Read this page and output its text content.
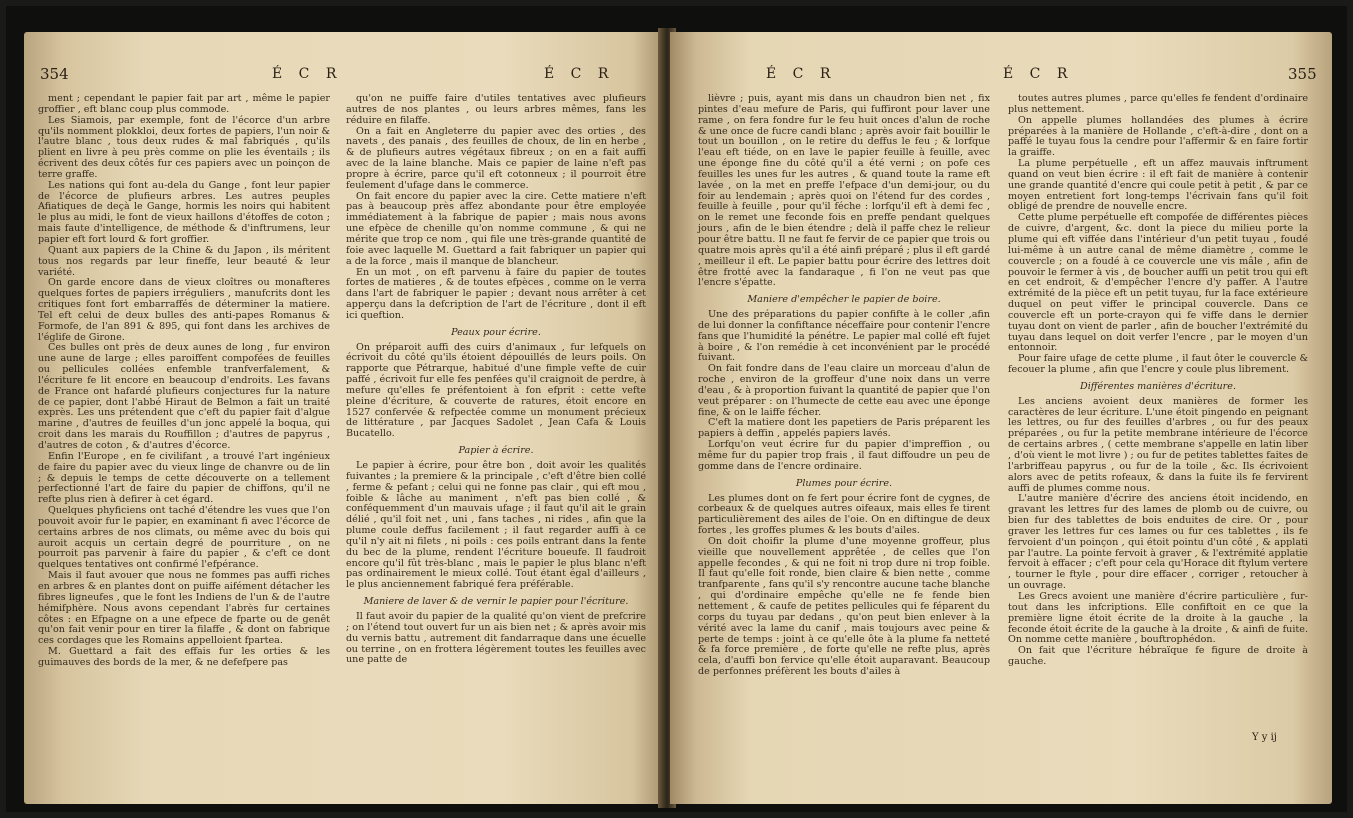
354	É C R	É C R

ment ; cependant le papier fait par art , même le papier groffier , eft blanc coup plus commode.

Les Siamois, par exemple, font de l'écorce d'un arbre qu'ils nomment plokkloi, deux fortes de papiers, l'un noir & l'autre blanc , tous deux rudes & mal fabriqués , qu'ils plient en livre à peu près comme on plie les éventails ; ils écrivent des deux côtés fur ces papiers avec un poinçon de terre graffe.

Les nations qui font au-dela du Gange , font leur papier de l'écorce de plufieurs arbres. Les autres peuples Afiatiques de deçà le Gange, hormis les noirs qui habitent le plus au midi, le font de vieux haillons d'étoffes de coton ; mais faute d'intelligence, de méthode & d'inftrumens, leur papier eft fort lourd & fort groffier.

Quant aux papiers de la Chine & du Japon , ils méritent tous nos regards par leur fineffe, leur beauté & leur variété.

On garde encore dans de vieux cloîtres ou monafteres quelques fortes de papiers irréguliers , manufcrits dont les critiques font fort embarraffés de déterminer la matiere. Tel eft celui de deux bulles des anti-papes Romanus & Formofe, de l'an 891 & 895, qui font dans les archives de l'églife de Girone.

Ces bulles ont près de deux aunes de long , fur environ une aune de large ; elles paroiffent compofées de feuilles ou pellicules collées enfemble tranfverfalement, & l'écriture fe lit encore en beaucoup d'endroits. Les favans de France ont hafardé plufieurs conjectures fur la nature de ce papier, dont l'abbé Hiraut de Belmon a fait un traité exprès. Les uns prétendent que c'eft du papier fait d'algue marine , d'autres de feuilles d'un jonc appelé la boqua, qui croit dans les marais du Rouffillon ; d'autres de papyrus , d'autres de coton , & d'autres d'écorce.

Enfin l'Europe , en fe civilifant , a trouvé l'art ingénieux de faire du papier avec du vieux linge de chanvre ou de lin ; & depuis le temps de cette découverte on a tellement perfectionné l'art de faire du papier de chiffons, qu'il ne refte plus rien à defirer à cet égard.

Quelques phyficiens ont taché d'étendre les vues que l'on pouvoit avoir fur le papier, en examinant fi avec l'écorce de certains arbres de nos climats, ou même avec du bois qui auroit acquis un certain degré de pourriture , on ne pourroit pas parvenir à faire du papier , & c'eft ce dont quelques tentatives ont confirmé l'efpérance.

Mais il faut avouer que nous ne fommes pas auffi riches en arbres & en plantes dont on puiffe aifément détacher les fibres ligneufes , que le font les Indiens de l'un & de l'autre hémifphère. Nous avons cependant l'abrès fur certaines côtes : en Efpagne on a une efpece de fparte ou de genêt qu'on fait venir pour en tirer la filaffe , & dont on fabrique ces cordages que les Romains appelloient fpartea.

M. Guettard a fait des effais fur les orties & les guimauves des bords de la mer, & ne defefpere pas

qu'on ne puiffe faire d'utiles tentatives avec plufieurs autres de nos plantes , ou leurs arbres mêmes, fans les réduire en filaffe.

On a fait en Angleterre du papier avec des orties , des navets , des panais , des feuilles de choux, de lin en herbe , & de plufieurs autres végétaux fibreux ; on en a fait auffi avec de la laine blanche. Mais ce papier de laine n'eft pas propre à écrire, parce qu'il eft cotonneux ; il pourroit être feulement d'ufage dans le commerce.

On fait encore du papier avec la cire. Cette matiere n'eft pas à beaucoup près affez abondante pour être employée immédiatement à la fabrique de papier ; mais nous avons une efpèce de chenille qu'on nomme commune , & qui ne mérite que trop ce nom , qui file une très-grande quantité de foie avec laquelle M. Guettard a fait fabriquer un papier qui a de la force , mais il manque de blancheur.

En un mot , on eft parvenu à faire du papier de toutes fortes de matieres , & de toutes efpèces , comme on le verra dans l'art de fabriquer le papier ; devant nous arrêter à cet apperçu dans la defcription de l'art de l'écriture , dont il eft ici queftion.

Peaux pour écrire.

On préparoit auffi des cuirs d'animaux , fur lefquels on écrivoit du côté qu'ils étoient dépouillés de leurs poils. On rapporte que Pétrarque, habitué d'une fimple vefte de cuir paffé , écrivoit fur elle fes penfées qu'il craignoit de perdre, à mefure qu'elles fe préfentoient à fon efprit : cette vefte pleine d'écriture, & couverte de ratures, étoit encore en 1527 confervée & refpectée comme un monument précieux de littérature , par Jacques Sadolet , Jean Cafa & Louis Bucatello.

Papier à écrire.

Le papier à écrire, pour être bon , doit avoir les qualités fuivantes ; la premiere & la principale , c'eft d'être bien collé , ferme & pefant ; celui qui ne fonne pas clair , qui eft mou , foible & lâche au maniment , n'eft pas bien collé , & conféquemment d'un mauvais ufage ; il faut qu'il ait le grain délié , qu'il foit net , uni , fans taches , ni rides , afin que la plume coule deffus facilement ; il faut regarder auffi à ce qu'il n'y ait ni filets , ni poils : ces poils entrant dans la fente du bec de la plume, rendent l'écriture boueufe. Il faudroit encore qu'il fût très-blanc , mais le papier le plus blanc n'eft pas ordinairement le mieux collé. Tout étant égal d'ailleurs , le plus anciennement fabriqué fera préférable.

Maniere de laver & de vernir le papier pour l'écriture.

Il faut avoir du papier de la qualité qu'on vient de prefcrire ; on l'étend tout ouvert fur un ais bien net ; & après avoir mis du vernis battu , autrement dit fandarraque dans une écuelle ou terrine , on en frottera légèrement toutes les feuilles avec une patte de

É C R	É C R	355

lièvre ; puis, ayant mis dans un chaudron bien net , fix pintes d'eau mefure de Paris, qui fuffiront pour laver une rame , on fera fondre fur le feu huit onces d'alun de roche & une once de fucre candi blanc ; après avoir fait bouillir le tout un bouillon , on le retire du deffus le feu ; & lorfque l'eau eft tiéde, on en lave le papier feuille à feuille, avec une éponge fine du côté qu'il a été verni ; on pofe ces feuilles les unes fur les autres , & quand toute la rame eft lavée , on la met en preffe l'efpace d'un demi-jour, ou du foir au lendemain ; après quoi on l'étend fur des cordes , feuille à feuille , pour qu'il féche : lorfqu'il eft à demi fec , on le remet une feconde fois en preffe pendant quelques jours , afin de le bien étendre ; delà il paffe chez le relieur pour être battu. Il ne faut fe fervir de ce papier que trois ou quatre mois après qu'il a été ainfi préparé ; plus il eft gardé , meilleur il eft. Le papier battu pour écrire des lettres doit être frotté avec la fandaraque , fi l'on ne veut pas que l'encre s'épatte.

Maniere d'empêcher le papier de boire.

Une des préparations du papier confifte à le coller ,afin de lui donner la confiftance néceffaire pour contenir l'encre fans que l'humidité la pénétre. Le papier mal collé eft fujet à boire , & l'on remédie à cet inconvénient par le procédé fuivant.

On fait fondre dans de l'eau claire un morceau d'alun de roche , environ de la groffeur d'une noix dans un verre d'eau , & à proportion fuivant la quantité de papier que l'on veut préparer : on l'humecte de cette eau avec une éponge fine, & on le laiffe fécher.

C'eft la matiere dont les papetiers de Paris préparent les papiers à deffin , appelés papiers lavés.

Lorfqu'on veut écrire fur du papier d'impreffion , ou même fur du papier trop frais , il faut diffoudre un peu de gomme dans de l'encre ordinaire.

Plumes pour écrire.

Les plumes dont on fe fert pour écrire font de cygnes, de corbeaux & de quelques autres oifeaux, mais elles fe tirent particulièrement des ailes de l'oie. On en diftingue de deux fortes , les groffes plumes & les bouts d'ailes.

On doit choifir la plume d'une moyenne groffeur, plus vieille que nouvellement apprêtée , de celles que l'on appelle fecondes , & qui ne foit ni trop dure ni trop foible. Il faut qu'elle foit ronde, bien claire & bien nette , comme tranfparente , fans qu'il s'y rencontre aucune tache blanche , qui d'ordinaire empêche qu'elle ne fe fende bien nettement , & caufe de petites pellicules qui fe féparent du corps du tuyau par dedans , qu'on peut bien enlever à la vérité avec la lame du canif , mais toujours avec peine & perte de temps : joint à ce qu'elle ôte à la plume fa netteté & fa force première , de forte qu'elle ne refte plus, après cela, d'auffi bon fervice qu'elle étoit auparavant. Beaucoup de perfonnes préfèrent les bouts d'ailes à

toutes autres plumes , parce qu'elles fe fendent d'ordinaire plus nettement.

On appelle plumes hollandées des plumes à écrire préparées à la manière de Hollande , c'eft-à-dire , dont on a paffé le tuyau fous la cendre pour l'affermir & en faire fortir la graiffe.

La plume perpétuelle , eft un affez mauvais inftrument quand on veut bien écrire : il eft fait de manière à contenir une grande quantité d'encre qui coule petit à petit , & par ce moyen entretient fort long-temps l'écrivain fans qu'il foit obligé de prendre de nouvelle encre.

Cette plume perpétuelle eft compofée de différentes pièces de cuivre, d'argent, &c. dont la piece du milieu porte la plume qui eft viffée dans l'intérieur d'un petit tuyau , foudé lui-même à un autre canal de même diamètre , comme le couvercle ; on a foudé à ce couvercle une vis mâle , afin de pouvoir le fermer à vis , de boucher auffi un petit trou qui eft en cet endroit, & d'empêcher l'encre d'y paffer. A l'autre extrémité de la pièce eft un petit tuyau, fur la face extérieure duquel on peut viffer le principal couvercle. Dans ce couvercle eft un porte-crayon qui fe viffe dans le dernier tuyau dont on vient de parler , afin de boucher l'extrémité du tuyau dans lequel on doit verfer l'encre , par le moyen d'un entonnoir.

Pour faire ufage de cette plume , il faut ôter le couvercle & fecouer la plume , afin que l'encre y coule plus librement.

Différentes manières d'écriture.

Les anciens avoient deux manières de former les caractères de leur écriture. L'une étoit pingendo en peignant les lettres, ou fur des feuilles d'arbres , ou fur des peaux préparées , ou fur la petite membrane intérieure de l'écorce de certains arbres , ( cette membrane s'appelle en latin liber , d'où vient le mot livre ) ; ou fur de petites tablettes faites de l'arbriffeau papyrus , ou fur de la toile , &c. Ils écrivoient alors avec de petits rofeaux, & dans la fuite ils fe fervirent auffi de plumes comme nous.

L'autre manière d'écrire des anciens étoit incidendo, en gravant les lettres fur des lames de plomb ou de cuivre, ou bien fur des tablettes de bois enduites de cire. Or , pour graver les lettres fur ces lames ou fur ces tablettes , ils fe fervoient d'un poinçon , qui étoit pointu d'un côté , & applati par l'autre. La pointe fervoit à graver , & l'extrémité applatie fervoit à effacer ; c'eft pour cela qu'Horace dit ftylum vertere , tourner le ftyle , pour dire effacer , corriger , retoucher à un ouvrage.

Les Grecs avoient une manière d'écrire particulière , fur-tout dans les infcriptions. Elle confiftoit en ce que la première ligne étoit écrite de la droite à la gauche , la feconde étoit écrite de la gauche à la droite , & ainfi de fuite. On nomme cette manière , bouftrophédon.

On fait que l'écriture hébraïque fe figure de droite à gauche.

Y y ij
